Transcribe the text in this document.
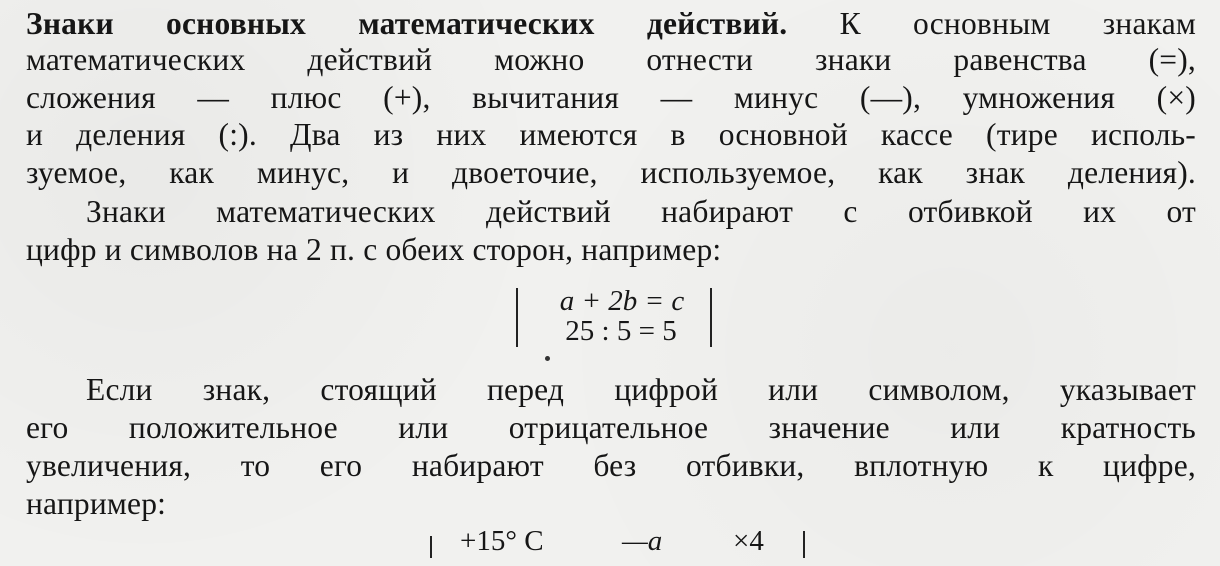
Знаки основных математических действий. К основным знакам
математических действий можно отнести знаки равенства (=),
сложения — плюс (+), вычитания — минус (—), умножения (×)
и деления (:). Два из них имеются в основной кассе (тире исполь-
зуемое, как минус, и двоеточие, используемое, как знак деления).
Знаки математических действий набирают с отбивкой их от
цифр и символов на 2 п. с обеих сторон, например:
a + 2b = c
25 : 5 = 5
Если знак, стоящий перед цифрой или символом, указывает
его положительное или отрицательное значение или кратность
увеличения, то его набирают без отбивки, вплотную к цифре,
например:
+15° C	—a ×4
